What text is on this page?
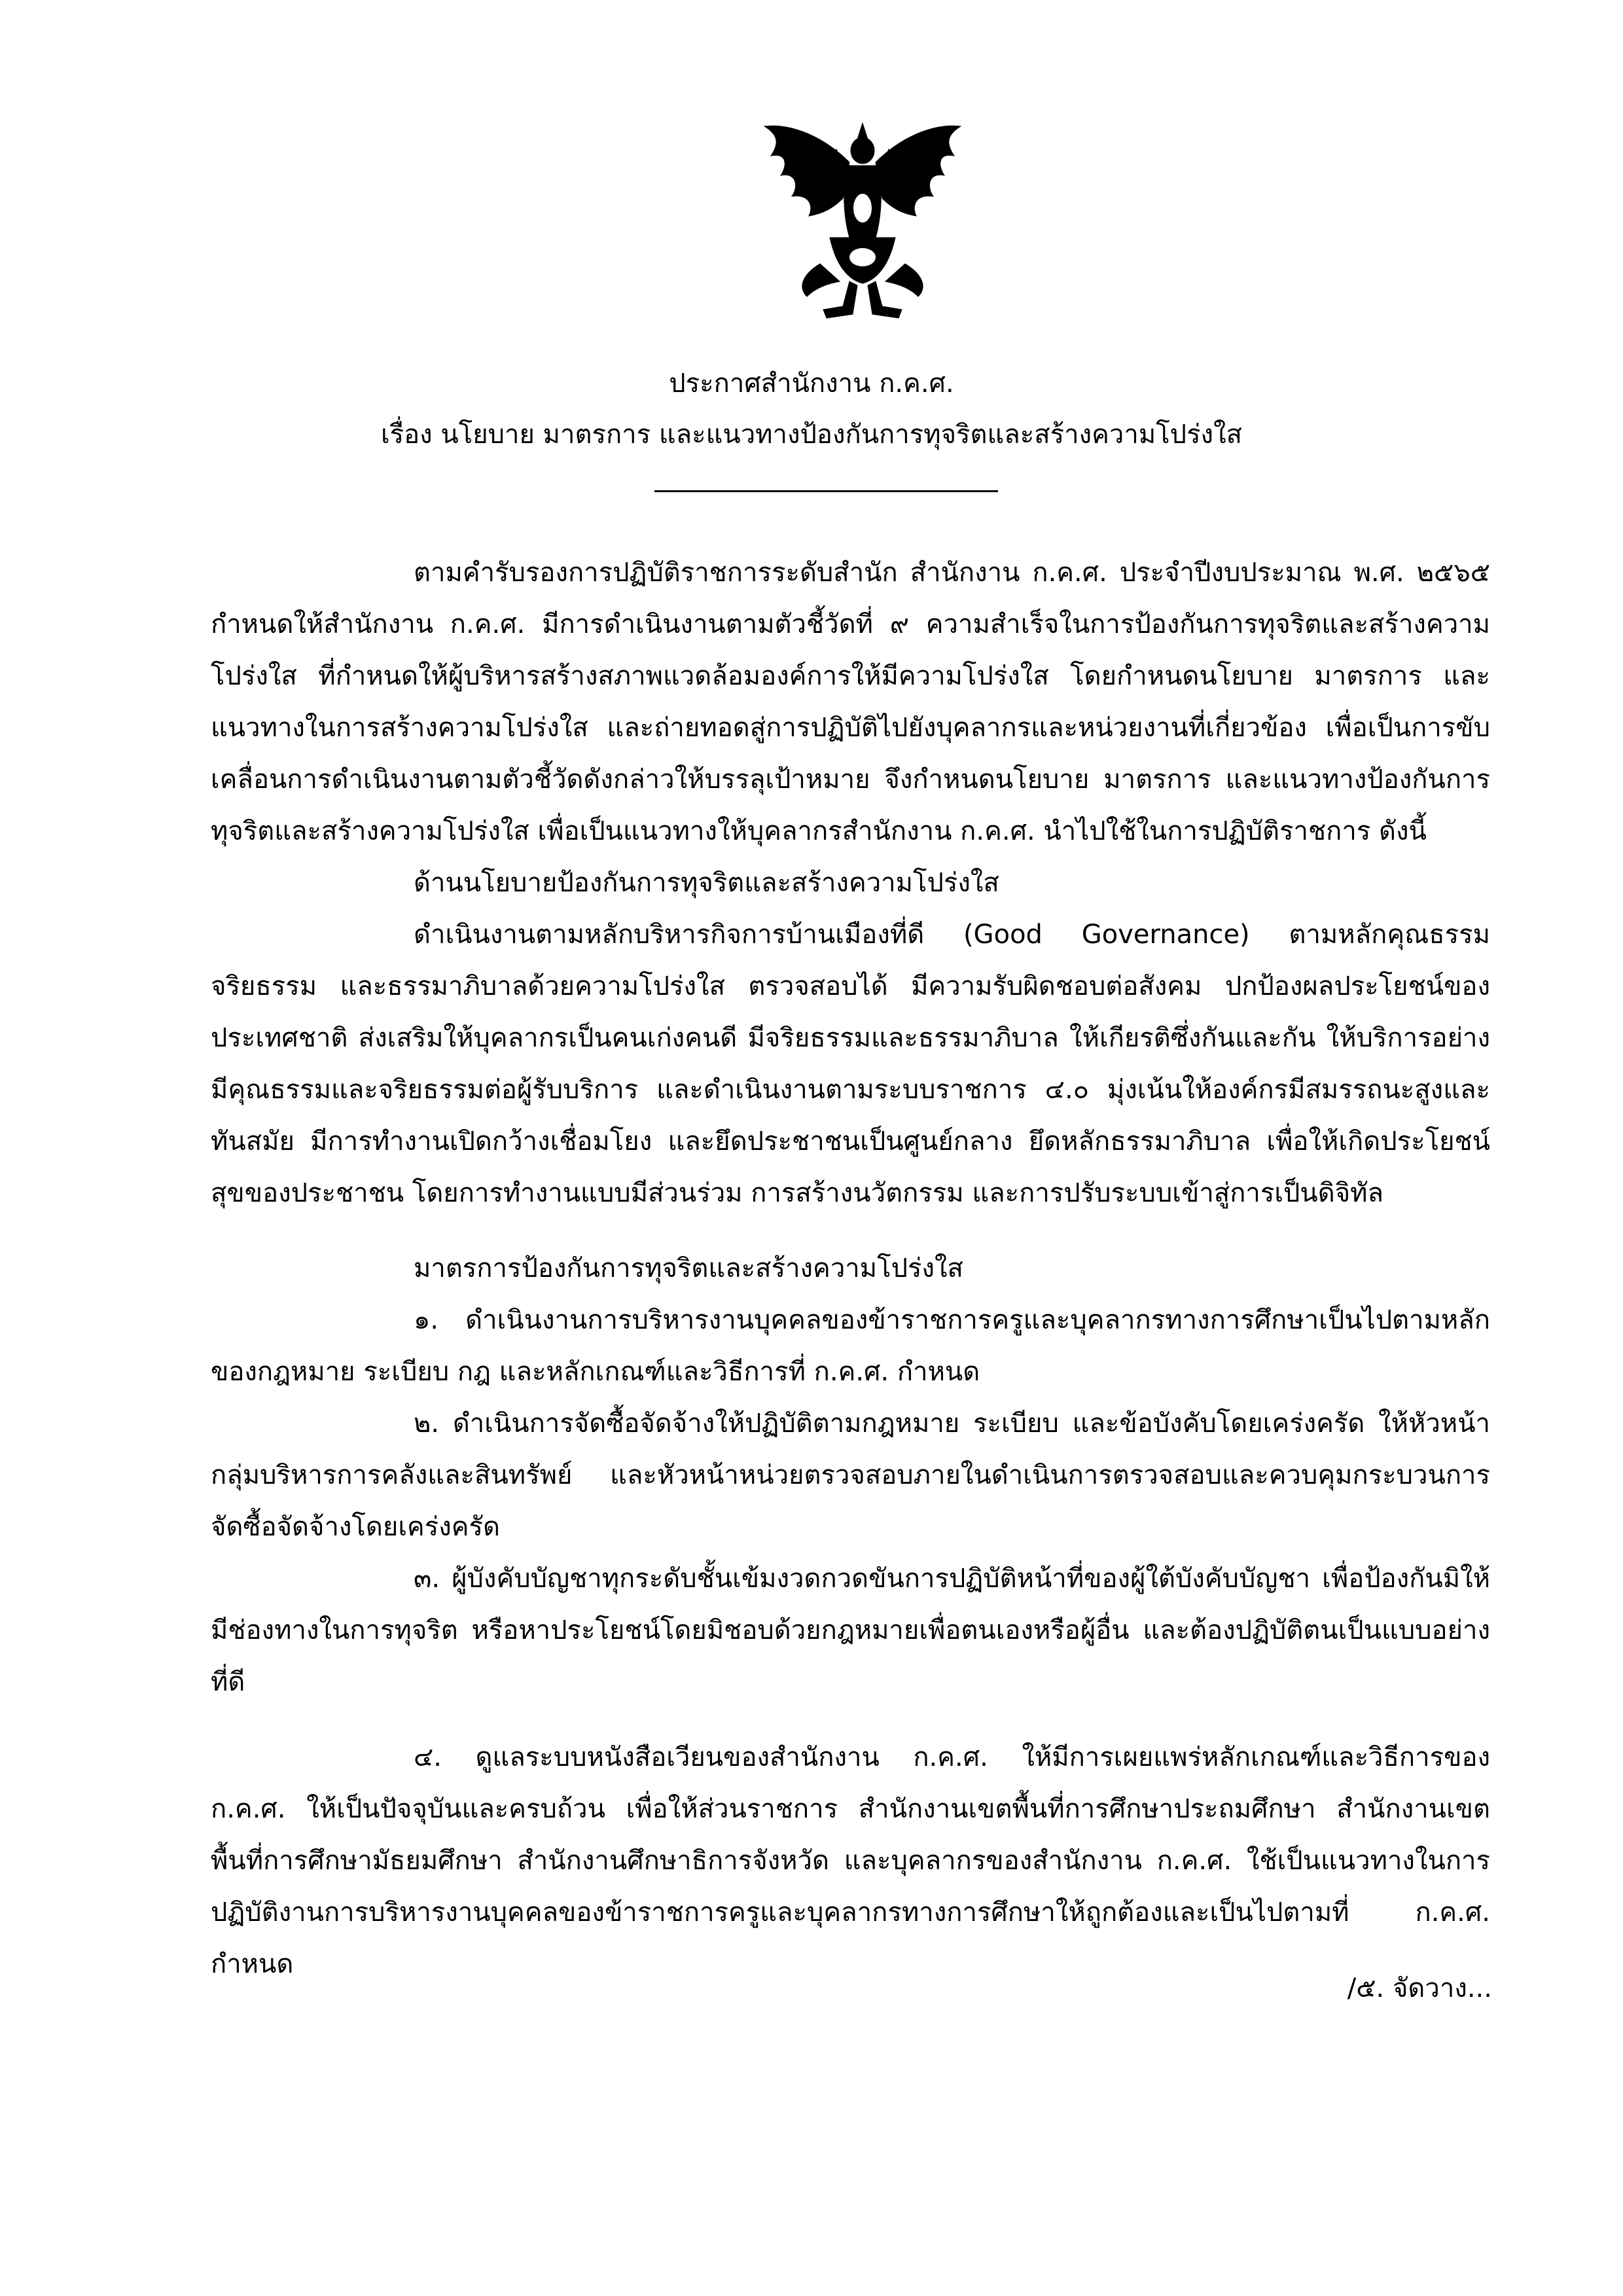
ประกาศสำนักงาน ก.ค.ศ.
เรื่อง นโยบาย มาตรการ และแนวทางป้องกันการทุจริตและสร้างความโปร่งใส

ตามคำรับรองการปฏิบัติราชการระดับสำนัก สำนักงาน ก.ค.ศ. ประจำปีงบประมาณ พ.ศ. ๒๕๖๕ กำหนดให้สำนักงาน ก.ค.ศ. มีการดำเนินงานตามตัวชี้วัดที่ ๙ ความสำเร็จในการป้องกันการทุจริตและสร้างความโปร่งใส ที่กำหนดให้ผู้บริหารสร้างสภาพแวดล้อมองค์การให้มีความโปร่งใส โดยกำหนดนโยบาย มาตรการ และแนวทางในการสร้างความโปร่งใส และถ่ายทอดสู่การปฏิบัติไปยังบุคลากรและหน่วยงานที่เกี่ยวข้อง เพื่อเป็นการขับเคลื่อนการดำเนินงานตามตัวชี้วัดดังกล่าวให้บรรลุเป้าหมาย จึงกำหนดนโยบาย มาตรการ และแนวทางป้องกันการทุจริตและสร้างความโปร่งใส เพื่อเป็นแนวทางให้บุคลากรสำนักงาน ก.ค.ศ. นำไปใช้ในการปฏิบัติราชการ ดังนี้

ด้านนโยบายป้องกันการทุจริตและสร้างความโปร่งใส

ดำเนินงานตามหลักบริหารกิจการบ้านเมืองที่ดี (Good Governance) ตามหลักคุณธรรม จริยธรรม และธรรมาภิบาลด้วยความโปร่งใส ตรวจสอบได้ มีความรับผิดชอบต่อสังคม ปกป้องผลประโยชน์ของประเทศชาติ ส่งเสริมให้บุคลากรเป็นคนเก่งคนดี มีจริยธรรมและธรรมาภิบาล ให้เกียรติซึ่งกันและกัน ให้บริการอย่างมีคุณธรรมและจริยธรรมต่อผู้รับบริการ และดำเนินงานตามระบบราชการ ๔.๐ มุ่งเน้นให้องค์กรมีสมรรถนะสูงและทันสมัย มีการทำงานเปิดกว้างเชื่อมโยง และยึดประชาชนเป็นศูนย์กลาง ยึดหลักธรรมาภิบาล เพื่อให้เกิดประโยชน์สุขของประชาชน โดยการทำงานแบบมีส่วนร่วม การสร้างนวัตกรรม และการปรับระบบเข้าสู่การเป็นดิจิทัล

มาตรการป้องกันการทุจริตและสร้างความโปร่งใส

๑. ดำเนินงานการบริหารงานบุคคลของข้าราชการครูและบุคลากรทางการศึกษาเป็นไปตามหลักของกฎหมาย ระเบียบ กฎ และหลักเกณฑ์และวิธีการที่ ก.ค.ศ. กำหนด

๒. ดำเนินการจัดซื้อจัดจ้างให้ปฏิบัติตามกฎหมาย ระเบียบ และข้อบังคับโดยเคร่งครัด ให้หัวหน้ากลุ่มบริหารการคลังและสินทรัพย์ และหัวหน้าหน่วยตรวจสอบภายในดำเนินการตรวจสอบและควบคุมกระบวนการจัดซื้อจัดจ้างโดยเคร่งครัด

๓. ผู้บังคับบัญชาทุกระดับชั้นเข้มงวดกวดขันการปฏิบัติหน้าที่ของผู้ใต้บังคับบัญชา เพื่อป้องกันมิให้มีช่องทางในการทุจริต หรือหาประโยชน์โดยมิชอบด้วยกฎหมายเพื่อตนเองหรือผู้อื่น และต้องปฏิบัติตนเป็นแบบอย่างที่ดี

๔. ดูแลระบบหนังสือเวียนของสำนักงาน ก.ค.ศ. ให้มีการเผยแพร่หลักเกณฑ์และวิธีการของ ก.ค.ศ. ให้เป็นปัจจุบันและครบถ้วน เพื่อให้ส่วนราชการ สำนักงานเขตพื้นที่การศึกษาประถมศึกษา สำนักงานเขตพื้นที่การศึกษามัธยมศึกษา สำนักงานศึกษาธิการจังหวัด และบุคลากรของสำนักงาน ก.ค.ศ. ใช้เป็นแนวทางในการปฏิบัติงานการบริหารงานบุคคลของข้าราชการครูและบุคลากรทางการศึกษาให้ถูกต้องและเป็นไปตามที่ ก.ค.ศ. กำหนด

/๕. จัดวาง...
